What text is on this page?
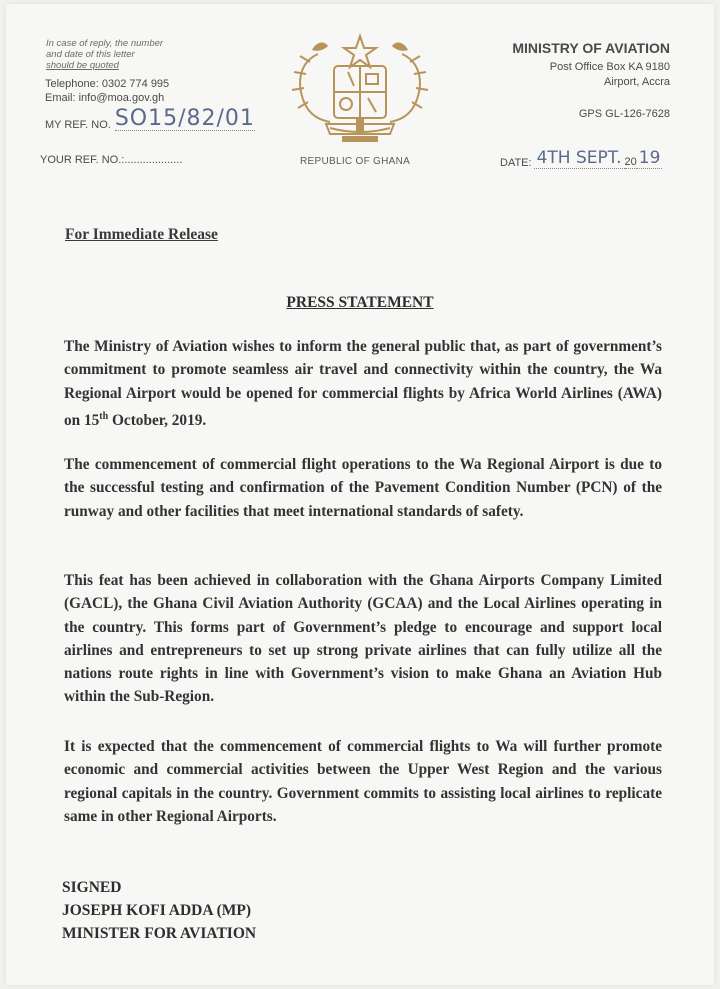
In case of reply, the number
and date of this letter
should be quoted
Telephone: 0302 774 995
Email: info@moa.gov.gh
MY REF. NO. SO15/82/01
YOUR REF. NO.:...................	REPUBLIC OF GHANA
MINISTRY OF AVIATION
Post Office Box KA 9180
Airport, Accra
GPS GL-126-7628
DATE: 4TH SEPT. 20 19
For Immediate Release
PRESS STATEMENT
The Ministry of Aviation wishes to inform the general public that, as part of government’s commitment to promote seamless air travel and connectivity within the country, the Wa Regional Airport would be opened for commercial flights by Africa World Airlines (AWA) on 15th October, 2019.
The commencement of commercial flight operations to the Wa Regional Airport is due to the successful testing and confirmation of the Pavement Condition Number (PCN) of the runway and other facilities that meet international standards of safety.
This feat has been achieved in collaboration with the Ghana Airports Company Limited (GACL), the Ghana Civil Aviation Authority (GCAA) and the Local Airlines operating in the country. This forms part of Government’s pledge to encourage and support local airlines and entrepreneurs to set up strong private airlines that can fully utilize all the nations route rights in line with Government’s vision to make Ghana an Aviation Hub within the Sub-Region.
It is expected that the commencement of commercial flights to Wa will further promote economic and commercial activities between the Upper West Region and the various regional capitals in the country. Government commits to assisting local airlines to replicate same in other Regional Airports.
SIGNED
JOSEPH KOFI ADDA (MP)
MINISTER FOR AVIATION
